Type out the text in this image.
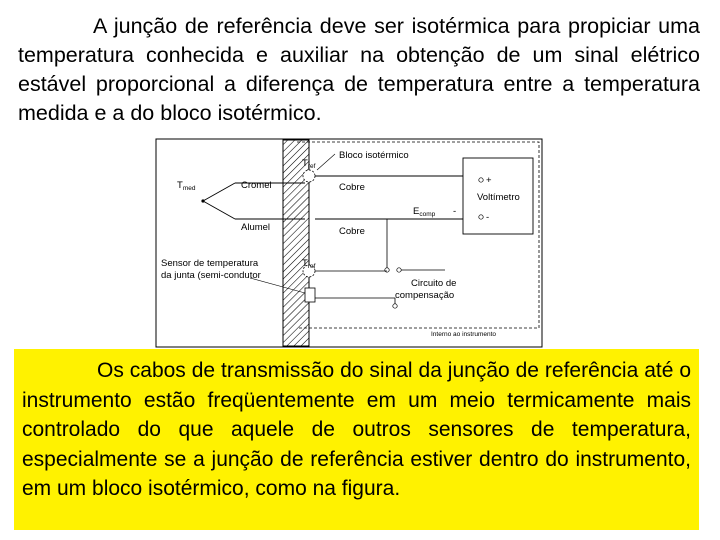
A junção de referência deve ser isotérmica para propiciar uma temperatura conhecida e auxiliar na obtenção de um sinal elétrico estável proporcional a diferença de temperatura entre a temperatura medida e a do bloco isotérmico.

$T_{med}$
$T_{ref}$
Bloco isotérmico
Cromel
Alumel
Cobre
Cobre
$E_{comp}$ -
+
Voltímetro
-
$T_{ref}$
Sensor de temperatura
da junta (semi-condutor
Circuito de
compensação
Interno ao instrumento

Os cabos de transmissão do sinal da junção de referência até o instrumento estão freqüentemente em um meio termicamente mais controlado do que aquele de outros sensores de temperatura, especialmente se a junção de referência estiver dentro do instrumento, em um bloco isotérmico, como na figura.
